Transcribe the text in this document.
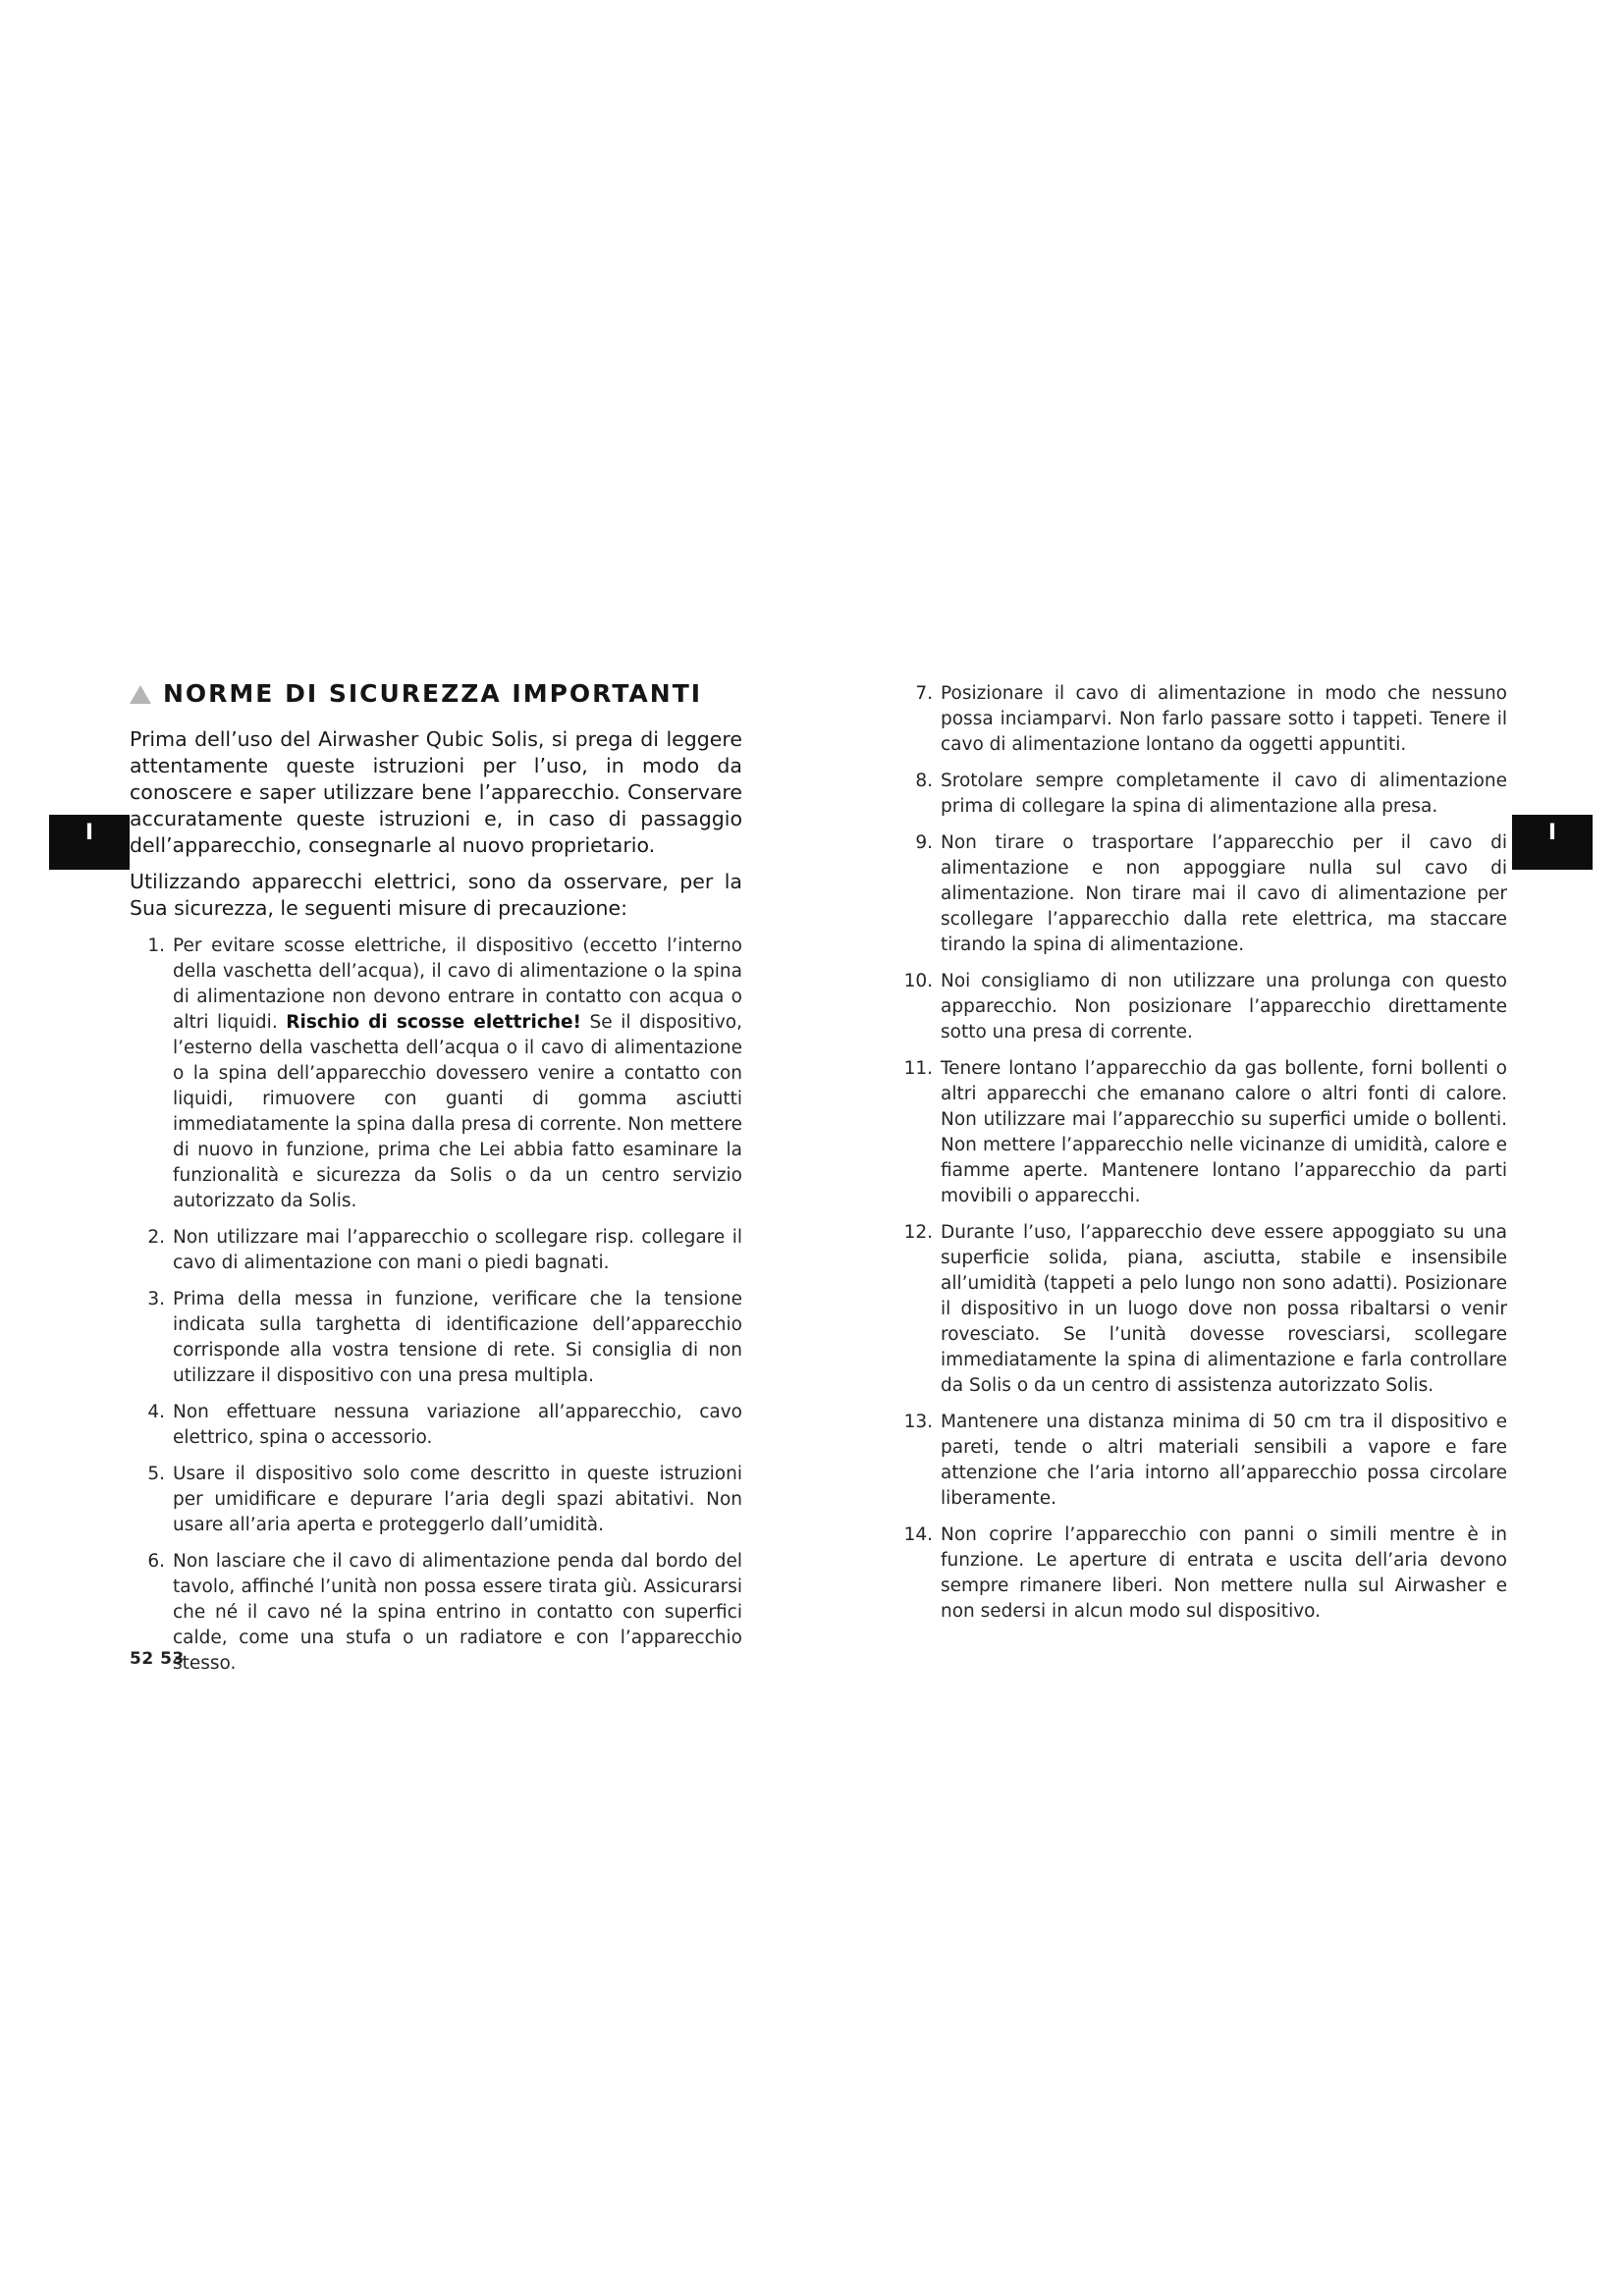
I	I
NORME DI SICUREZZA IMPORTANTI

Prima dell’uso del Airwasher Qubic Solis, si prega di leggere attentamente queste istruzioni per l’uso, in modo da conoscere e saper utilizzare bene l’apparecchio. Conservare accuratamente queste istruzioni e, in caso di passaggio dell’apparecchio, consegnarle al nuovo proprietario.

Utilizzando apparecchi elettrici, sono da osservare, per la Sua sicurezza, le seguenti misure di precauzione:

1. Per evitare scosse elettriche, il dispositivo (eccetto l’interno della vaschetta dell’acqua), il cavo di alimentazione o la spina di alimentazione non devono entrare in contatto con acqua o altri liquidi. Rischio di scosse elettriche! Se il dispositivo, l’esterno della vaschetta dell’acqua o il cavo di alimentazione o la spina dell’apparecchio dovessero venire a contatto con liquidi, rimuovere con guanti di gomma asciutti immediatamente la spina dalla presa di corrente. Non mettere di nuovo in funzione, prima che Lei abbia fatto esaminare la funzionalità e sicurezza da Solis o da un centro servizio autorizzato da Solis.
2. Non utilizzare mai l’apparecchio o scollegare risp. collegare il cavo di alimentazione con mani o piedi bagnati.
3. Prima della messa in funzione, verificare che la tensione indicata sulla targhetta di identificazione dell’apparecchio corrisponde alla vostra tensione di rete. Si consiglia di non utilizzare il dispositivo con una presa multipla.
4. Non effettuare nessuna variazione all’apparecchio, cavo elettrico, spina o accessorio.
5. Usare il dispositivo solo come descritto in queste istruzioni per umidificare e depurare l’aria degli spazi abitativi. Non usare all’aria aperta e proteggerlo dall’umidità.
6. Non lasciare che il cavo di alimentazione penda dal bordo del tavolo, affinché l’unità non possa essere tirata giù. Assicurarsi che né il cavo né la spina entrino in contatto con superfici calde, come una stufa o un radiatore e con l’apparecchio stesso.
7. Posizionare il cavo di alimentazione in modo che nessuno possa inciamparvi. Non farlo passare sotto i tappeti. Tenere il cavo di alimentazione lontano da oggetti appuntiti.
8. Srotolare sempre completamente il cavo di alimentazione prima di collegare la spina di alimentazione alla presa.
9. Non tirare o trasportare l’apparecchio per il cavo di alimentazione e non appoggiare nulla sul cavo di alimentazione. Non tirare mai il cavo di alimentazione per scollegare l’apparecchio dalla rete elettrica, ma staccare tirando la spina di alimentazione.
10. Noi consigliamo di non utilizzare una prolunga con questo apparecchio. Non posizionare l’apparecchio direttamente sotto una presa di corrente.
11. Tenere lontano l’apparecchio da gas bollente, forni bollenti o altri apparecchi che emanano calore o altri fonti di calore. Non utilizzare mai l’apparecchio su superfici umide o bollenti. Non mettere l’apparecchio nelle vicinanze di umidità, calore e fiamme aperte. Mantenere lontano l’apparecchio da parti movibili o apparecchi.
12. Durante l’uso, l’apparecchio deve essere appoggiato su una superficie solida, piana, asciutta, stabile e insensibile all’umidità (tappeti a pelo lungo non sono adatti). Posizionare il dispositivo in un luogo dove non possa ribaltarsi o venir rovesciato. Se l’unità dovesse rovesciarsi, scollegare immediatamente la spina di alimentazione e farla controllare da Solis o da un centro di assistenza autorizzato Solis.
13. Mantenere una distanza minima di 50 cm tra il dispositivo e pareti, tende o altri materiali sensibili a vapore e fare attenzione che l’aria intorno all’apparecchio possa circolare liberamente.
14. Non coprire l’apparecchio con panni o simili mentre è in funzione. Le aperture di entrata e uscita dell’aria devono sempre rimanere liberi. Non mettere nulla sul Airwasher e non sedersi in alcun modo sul dispositivo.
52 53
